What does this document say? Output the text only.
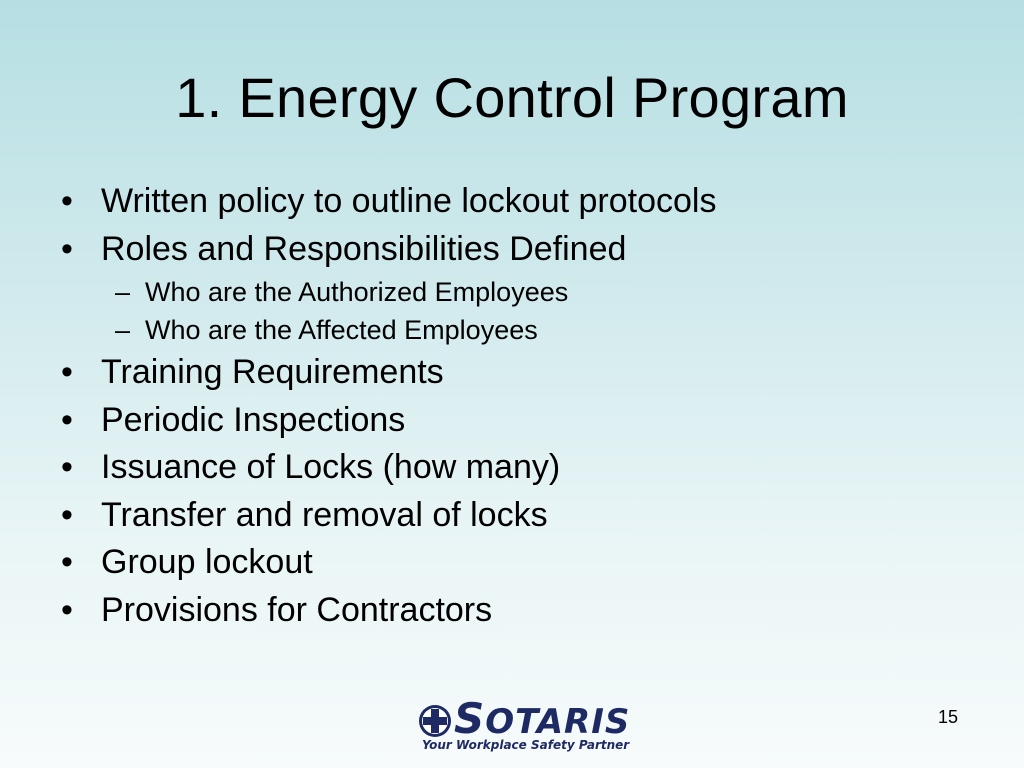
1. Energy Control Program
• Written policy to outline lockout protocols
• Roles and Responsibilities Defined
– Who are the Authorized Employees
– Who are the Affected Employees
• Training Requirements
• Periodic Inspections
• Issuance of Locks (how many)
• Transfer and removal of locks
• Group lockout
• Provisions for Contractors
SOTARIS
Your Workplace Safety Partner
15
